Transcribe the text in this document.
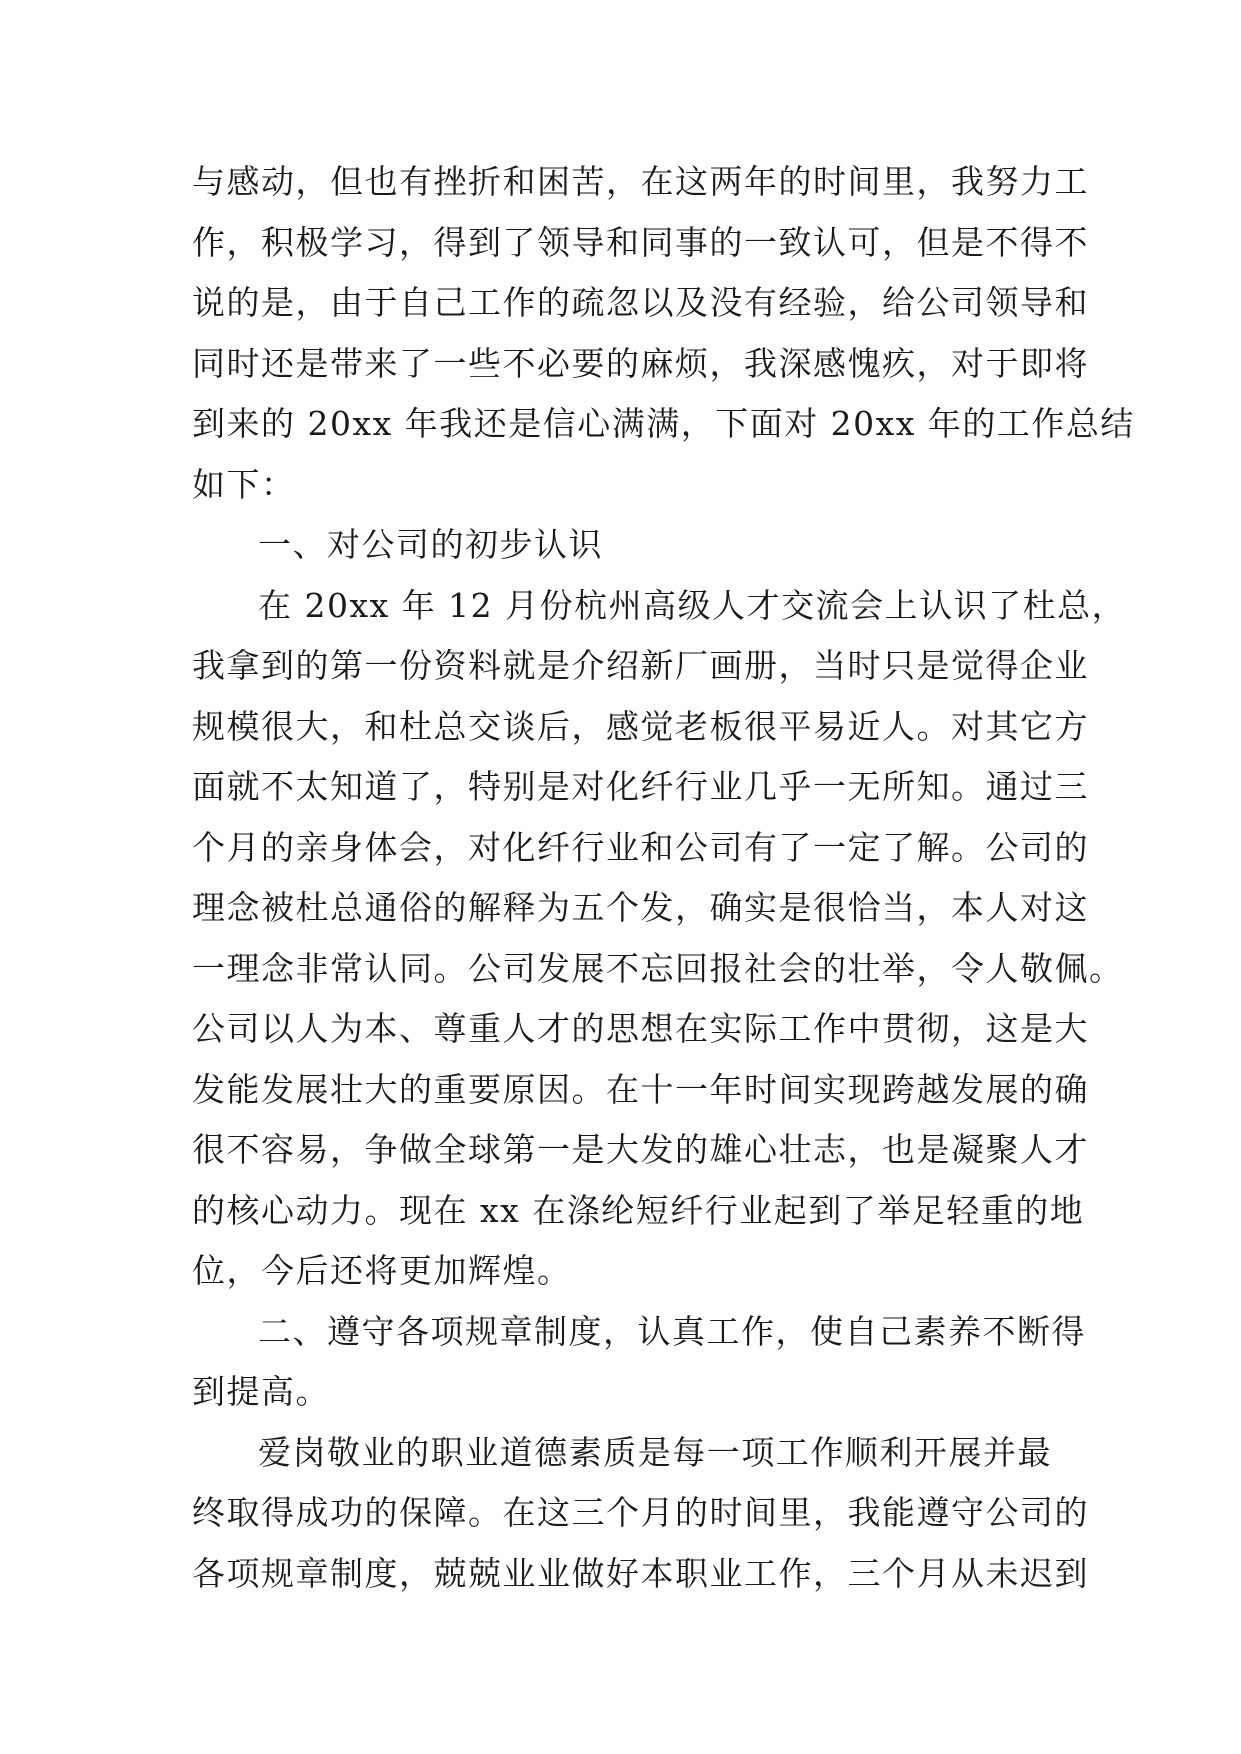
与感动，但也有挫折和困苦，在这两年的时间里，我努力工
作，积极学习，得到了领导和同事的一致认可，但是不得不
说的是，由于自己工作的疏忽以及没有经验，给公司领导和
同时还是带来了一些不必要的麻烦，我深感愧疚，对于即将
到来的 20xx 年我还是信心满满，下面对 20xx 年的工作总结
如下：
一、对公司的初步认识
在 20xx 年 12 月份杭州高级人才交流会上认识了杜总，
我拿到的第一份资料就是介绍新厂画册，当时只是觉得企业
规模很大，和杜总交谈后，感觉老板很平易近人。对其它方
面就不太知道了，特别是对化纤行业几乎一无所知。通过三
个月的亲身体会，对化纤行业和公司有了一定了解。公司的
理念被杜总通俗的解释为五个发，确实是很恰当，本人对这
一理念非常认同。公司发展不忘回报社会的壮举，令人敬佩。
公司以人为本、尊重人才的思想在实际工作中贯彻，这是大
发能发展壮大的重要原因。在十一年时间实现跨越发展的确
很不容易，争做全球第一是大发的雄心壮志，也是凝聚人才
的核心动力。现在 xx 在涤纶短纤行业起到了举足轻重的地
位，今后还将更加辉煌。
二、遵守各项规章制度，认真工作，使自己素养不断得
到提高。
爱岗敬业的职业道德素质是每一项工作顺利开展并最
终取得成功的保障。在这三个月的时间里，我能遵守公司的
各项规章制度，兢兢业业做好本职业工作，三个月从未迟到
